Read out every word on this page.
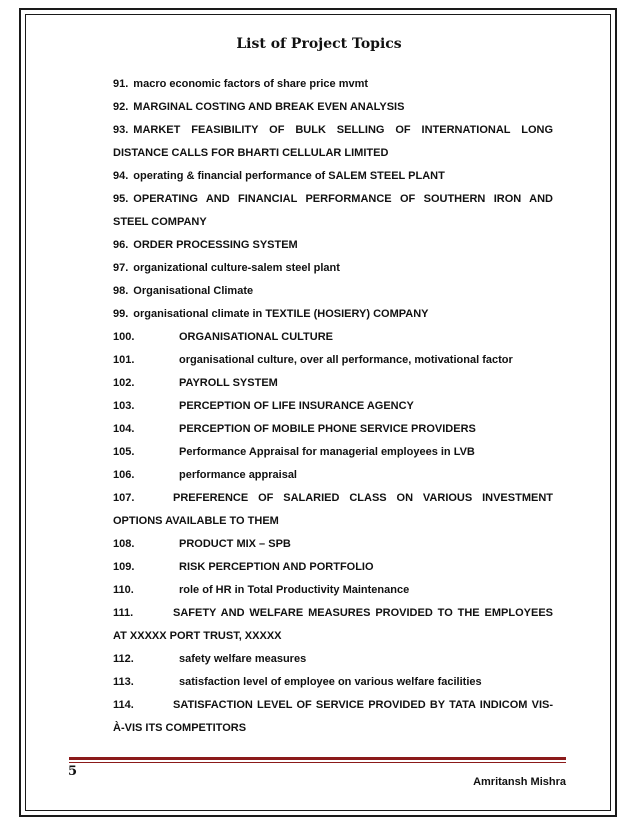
List of Project Topics

91. macro economic factors of share price mvmt

92. MARGINAL COSTING AND BREAK EVEN ANALYSIS

93. MARKET FEASIBILITY OF BULK SELLING OF INTERNATIONAL LONG DISTANCE CALLS FOR BHARTI CELLULAR LIMITED

94. operating & financial performance of SALEM STEEL PLANT

95. OPERATING AND FINANCIAL PERFORMANCE OF SOUTHERN IRON AND STEEL COMPANY

96. ORDER PROCESSING SYSTEM

97. organizational culture-salem steel plant

98. Organisational Climate

99. organisational climate in TEXTILE (HOSIERY) COMPANY

100.	ORGANISATIONAL CULTURE

101.	organisational culture, over all performance, motivational factor

102.	PAYROLL SYSTEM

103.	PERCEPTION OF LIFE INSURANCE AGENCY

104.	PERCEPTION OF MOBILE PHONE SERVICE PROVIDERS

105.	Performance Appraisal for managerial employees in LVB

106.	performance appraisal

107.	PREFERENCE OF SALARIED CLASS ON VARIOUS INVESTMENT OPTIONS AVAILABLE TO THEM

108.	PRODUCT MIX – SPB

109.	RISK PERCEPTION AND PORTFOLIO

110.	role of HR in Total Productivity Maintenance

111.	SAFETY AND WELFARE MEASURES PROVIDED TO THE EMPLOYEES AT XXXXX PORT TRUST, XXXXX

112.	safety welfare measures

113.	satisfaction level of employee on various welfare facilities

114.	SATISFACTION LEVEL OF SERVICE PROVIDED BY TATA INDICOM VIS-À-VIS ITS COMPETITORS

5
Amritansh Mishra
